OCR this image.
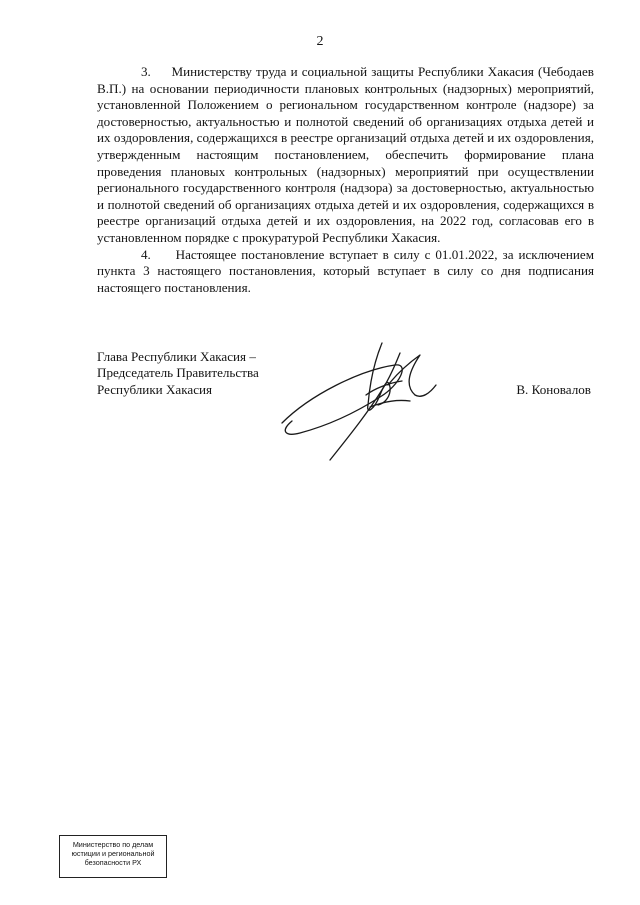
2

3.     Министерству труда и социальной защиты Республики Хакасия (Чебодаев В.П.) на основании периодичности плановых контрольных (надзорных) мероприятий, установленной Положением о региональном государственном контроле (надзоре) за достоверностью, актуальностью и полнотой сведений об организациях отдыха детей и их оздоровления, содержащихся в реестре организаций отдыха детей и их оздоровления, утвержденным настоящим постановлением, обеспечить формирование плана проведения плановых контрольных (надзорных) мероприятий при осуществлении регионального государственного контроля (надзора) за достоверностью, актуальностью и полнотой сведений об организациях отдыха детей и их оздоровления, содержащихся в реестре организаций отдыха детей и их оздоровления, на 2022 год, согласовав его в установленном порядке с прокуратурой Республики Хакасия.

4.     Настоящее постановление вступает в силу с 01.01.2022, за исключением пункта 3 настоящего постановления, который вступает в силу со дня подписания настоящего постановления.

Глава Республики Хакасия –
Председатель Правительства
Республики Хакасия	В. Коновалов
Министерство по делам
юстиции и региональной
безопасности РХ
